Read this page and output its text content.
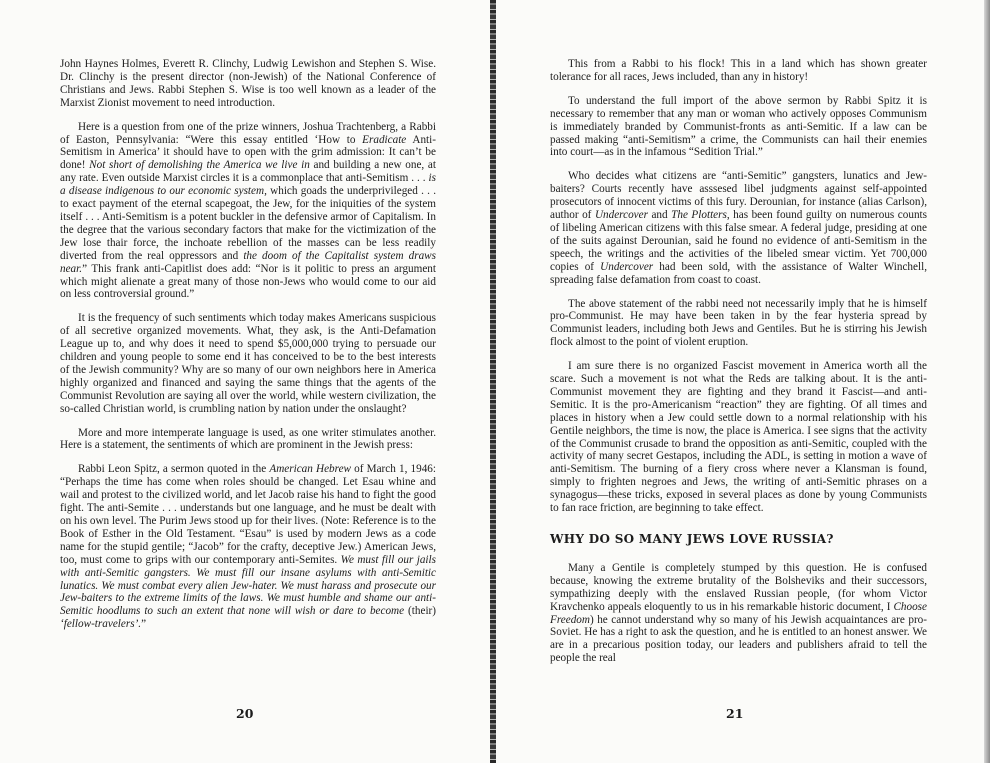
John Haynes Holmes, Everett R. Clinchy, Ludwig Lewishon and Stephen S. Wise. Dr. Clinchy is the present director (non-Jewish) of the National Conference of Christians and Jews. Rabbi Stephen S. Wise is too well known as a leader of the Marxist Zionist movement to need introduction.

Here is a question from one of the prize winners, Joshua Trachtenberg, a Rabbi of Easton, Pennsylvania: “Were this essay entitled ‘How to Eradicate Anti-Semitism in America’ it should have to open with the grim admission: It can’t be done! Not short of demolishing the America we live in and building a new one, at any rate. Even outside Marxist circles it is a commonplace that anti-Semitism . . . is a disease indigenous to our economic system, which goads the underprivileged . . . to exact payment of the eternal scapegoat, the Jew, for the iniquities of the system itself . . . Anti-Semitism is a potent buckler in the defensive armor of Capitalism. In the degree that the various secondary factors that make for the victimization of the Jew lose thair force, the inchoate rebellion of the masses can be less readily diverted from the real oppressors and the doom of the Capitalist system draws near.” This frank anti-Capitlist does add: “Nor is it politic to press an argument which might alienate a great many of those non-Jews who would come to our aid on less controversial ground.”

It is the frequency of such sentiments which today makes Americans suspicious of all secretive organized movements. What, they ask, is the Anti-Defamation League up to, and why does it need to spend $5,000,000 trying to persuade our children and young people to some end it has conceived to be to the best interests of the Jewish community? Why are so many of our own neighbors here in America highly organized and financed and saying the same things that the agents of the Communist Revolution are saying all over the world, while western civilization, the so-called Christian world, is crumbling nation by nation under the onslaught?

More and more intemperate language is used, as one writer stimulates another. Here is a statement, the sentiments of which are prominent in the Jewish press:

Rabbi Leon Spitz, a sermon quoted in the American Hebrew of March 1, 1946: “Perhaps the time has come when roles should be changed. Let Esau whine and wail and protest to the civilized world, and let Jacob raise his hand to fight the good fight. The anti-Semite . . . understands but one language, and he must be dealt with on his own level. The Purim Jews stood up for their lives. (Note: Reference is to the Book of Esther in the Old Testament. “Esau” is used by modern Jews as a code name for the stupid gentile; “Jacob” for the crafty, deceptive Jew.) American Jews, too, must come to grips with our contemporary anti-Semites. We must fill our jails with anti-Semitic gangsters. We must fill our insane asylums with anti-Semitic lunatics. We must combat every alien Jew-hater. We must harass and prosecute our Jew-baiters to the extreme limits of the laws. We must humble and shame our anti-Semitic hoodlums to such an extent that none will wish or dare to become (their) ‘fellow-travelers’.”

20

This from a Rabbi to his flock! This in a land which has shown greater tolerance for all races, Jews included, than any in history!

To understand the full import of the above sermon by Rabbi Spitz it is necessary to remember that any man or woman who actively opposes Communism is immediately branded by Communist-fronts as anti-Semitic. If a law can be passed making “anti-Semitism” a crime, the Communists can hail their enemies into court—as in the infamous “Sedition Trial.”

Who decides what citizens are “anti-Semitic” gangsters, lunatics and Jew-baiters? Courts recently have asssesed libel judgments against self-appointed prosecutors of innocent victims of this fury. Derounian, for instance (alias Carlson), author of Undercover and The Plotters, has been found guilty on numerous counts of libeling American citizens with this false smear. A federal judge, presiding at one of the suits against Derounian, said he found no evidence of anti-Semitism in the speech, the writings and the activities of the libeled smear victim. Yet 700,000 copies of Undercover had been sold, with the assistance of Walter Winchell, spreading false defamation from coast to coast.

The above statement of the rabbi need not necessarily imply that he is himself pro-Communist. He may have been taken in by the fear hysteria spread by Communist leaders, including both Jews and Gentiles. But he is stirring his Jewish flock almost to the point of violent eruption.

I am sure there is no organized Fascist movement in America worth all the scare. Such a movement is not what the Reds are talking about. It is the anti-Communist movement they are fighting and they brand it Fascist—and anti-Semitic. It is the pro-Americanism “reaction” they are fighting. Of all times and places in history when a Jew could settle down to a normal relationship with his Gentile neighbors, the time is now, the place is America. I see signs that the activity of the Communist crusade to brand the opposition as anti-Semitic, coupled with the activity of many secret Gestapos, including the ADL, is setting in motion a wave of anti-Semitism. The burning of a fiery cross where never a Klansman is found, simply to frighten negroes and Jews, the writing of anti-Semitic phrases on a synagogus—these tricks, exposed in several places as done by young Communists to fan race friction, are beginning to take effect.

WHY DO SO MANY JEWS LOVE RUSSIA?

Many a Gentile is completely stumped by this question. He is confused because, knowing the extreme brutality of the Bolsheviks and their successors, sympathizing deeply with the enslaved Russian people, (for whom Victor Kravchenko appeals eloquently to us in his remarkable historic document, I Choose Freedom) he cannot understand why so many of his Jewish acquaintances are pro-Soviet. He has a right to ask the question, and he is entitled to an honest answer. We are in a precarious position today, our leaders and publishers afraid to tell the people the real

21
